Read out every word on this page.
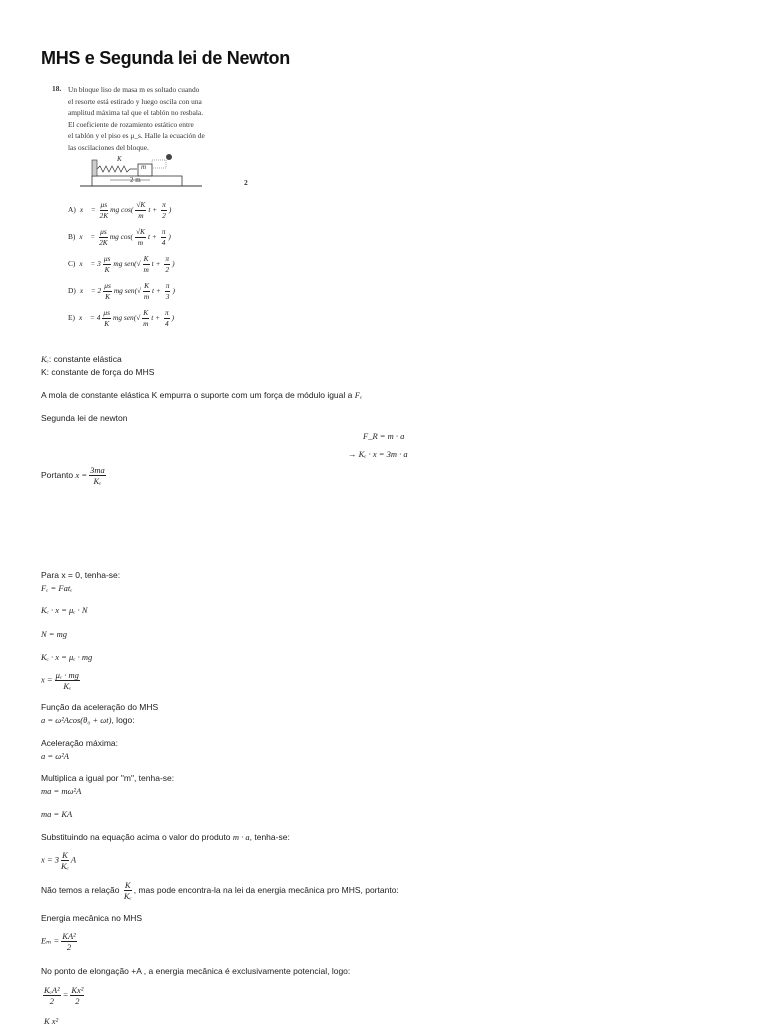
MHS e Segunda lei de Newton
18. Un bloque liso de masa m es soltado cuando
el resorte está estirado y luego oscila con una
amplitud máxima tal que el tablón no resbala.
El coeficiente de rozamiento estático entre
el tablón y el piso es μ_s. Halle la ecuación de
las oscilaciones del bloque.
K
m
2 m	2
A) x⃗ = $\frac{\mu s}{2K}$ mg $\cos( \frac{√K}{m}$ $t + \frac{\pi}{2}$ )
B) x⃗ = $\frac{\mu s}{2K}$ mg $\cos( \frac{√K}{m}$ $t + \frac{\pi}{4}$ )
C) x⃗ = $3 \frac{\mu s}{K}$ mg $sen(√ \frac{K}{m}$ $t + \frac{\pi}{2}$ )
D) x⃗ = $2 \frac{\mu s}{K}$ mg $sen(√ \frac{K}{m}$ $t + \frac{\pi}{3}$ )
E) x⃗ = $4 \frac{\mu s}{K}$ mg $sen(√ \frac{K}{m}$ $t + \frac{\pi}{4}$ )
Kₑ: constante elástica
K: constante de força do MHS
A mola de constante elástica K empurra o suporte com um força de módulo igual a Fₑ
Segunda lei de newton
F_R = m · a
→ Kₑ · x = 3m · a
Portanto $x = \frac{3ma}{\text{Kₑ}}$
Para x = 0, tenha-se:
Fₑ = Fatₑ
Kₑ · x = μₑ · N
N = mg
Kₑ · x = μₑ · mg
$x = \frac{\text{μₑ · mg}}{\text{Kₑ}}$
Função da aceleração do MHS
a = ω²Acos(θ₀ + ωt), logo:
Aceleração máxima:
a = ω²A
Multiplica a igual por "m", tenha-se:
ma = mω²A
ma = KA
Substituindo na equação acima o valor do produto m · a, tenha-se:
$x = 3 \frac{K}{\text{Kₑ}}$ A
Não temos a relação $\frac{K}{\text{Kₑ}}$ , mas pode encontra-la na lei da energia mecânica pro MHS, portanto:
Energia mecânica no MHS
$E_m = \frac{\text{KA²}}{2}$
No ponto de elongação +A , a energia mecânica é exclusivamente potencial, logo:
$\frac{\text{KₑA²}}{2} = \frac{\text{Kx²}}{2}$
K x²
